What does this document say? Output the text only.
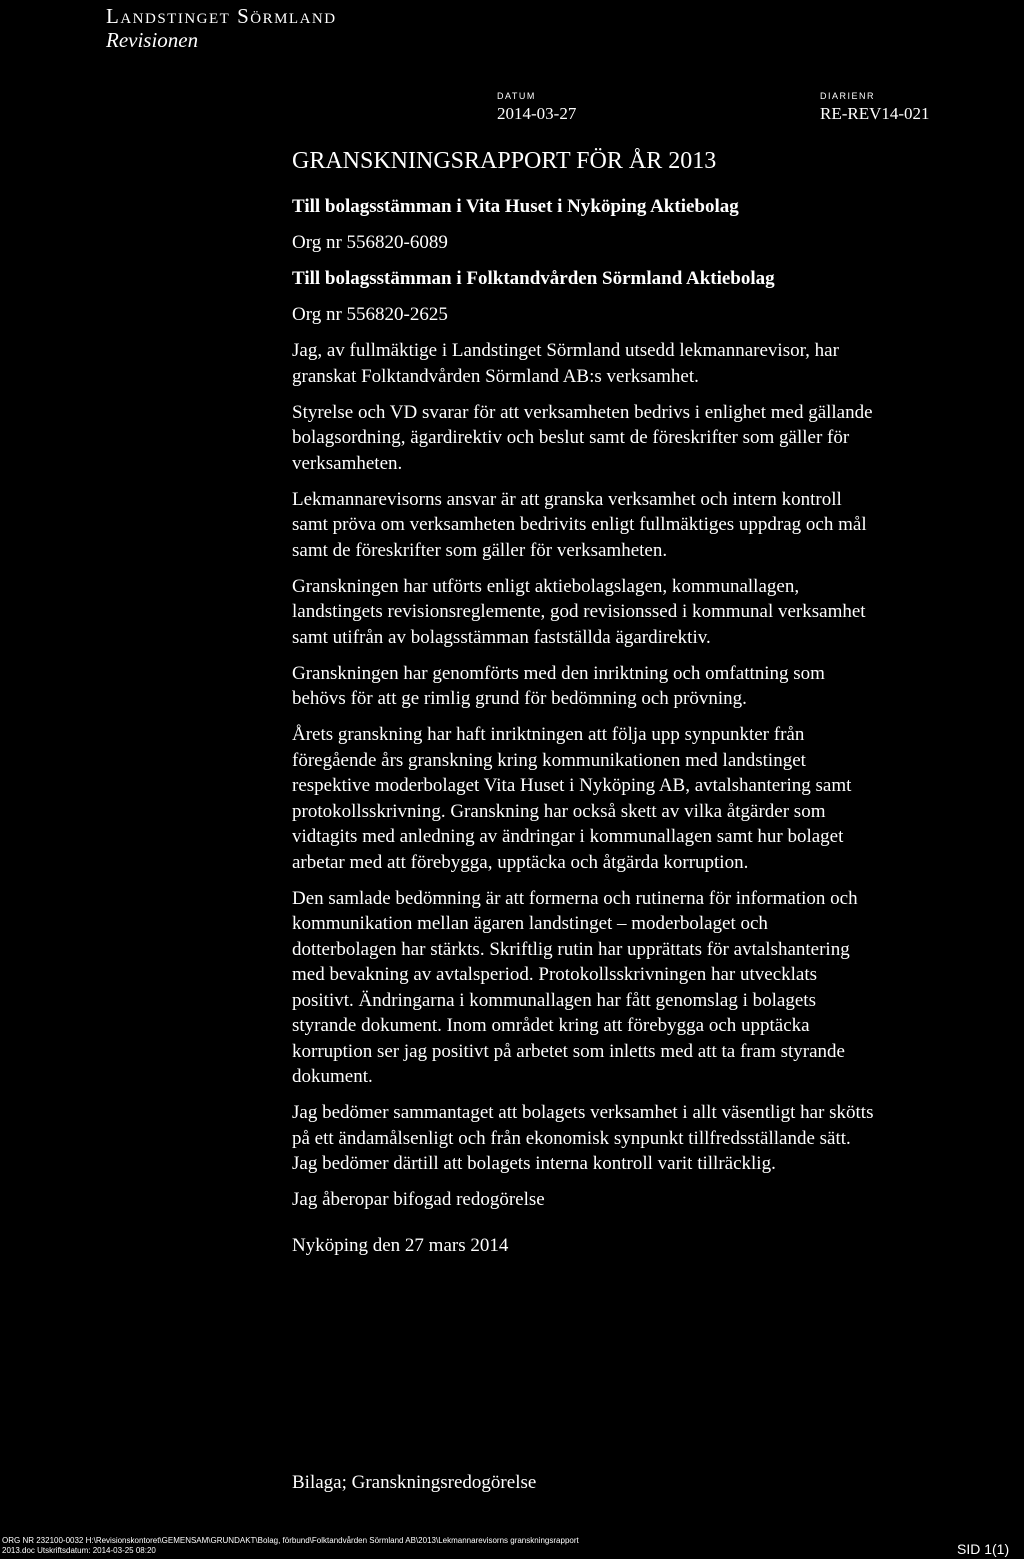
Landstinget Sörmland
Revisionen
DATUM
2014-03-27
DIARIENR
RE-REV14-021
GRANSKNINGSRAPPORT FÖR ÅR 2013

Till bolagsstämman i Vita Huset i Nyköping Aktiebolag

Org nr 556820-6089

Till bolagsstämman i Folktandvården Sörmland Aktiebolag

Org nr 556820-2625

Jag, av fullmäktige i Landstinget Sörmland utsedd lekmannarevisor, har
granskat Folktandvården Sörmland AB:s verksamhet.

Styrelse och VD svarar för att verksamheten bedrivs i enlighet med gällande
bolagsordning, ägardirektiv och beslut samt de föreskrifter som gäller för
verksamheten.

Lekmannarevisorns ansvar är att granska verksamhet och intern kontroll
samt pröva om verksamheten bedrivits enligt fullmäktiges uppdrag och mål
samt de föreskrifter som gäller för verksamheten.

Granskningen har utförts enligt aktiebolagslagen, kommunallagen,
landstingets revisionsreglemente, god revisionssed i kommunal verksamhet
samt utifrån av bolagsstämman fastställda ägardirektiv.

Granskningen har genomförts med den inriktning och omfattning som
behövs för att ge rimlig grund för bedömning och prövning.

Årets granskning har haft inriktningen att följa upp synpunkter från
föregående års granskning kring kommunikationen med landstinget
respektive moderbolaget Vita Huset i Nyköping AB, avtalshantering samt
protokollsskrivning. Granskning har också skett av vilka åtgärder som
vidtagits med anledning av ändringar i kommunallagen samt hur bolaget
arbetar med att förebygga, upptäcka och åtgärda korruption.

Den samlade bedömning är att formerna och rutinerna för information och
kommunikation mellan ägaren landstinget – moderbolaget och
dotterbolagen har stärkts. Skriftlig rutin har upprättats för avtalshantering
med bevakning av avtalsperiod. Protokollsskrivningen har utvecklats
positivt. Ändringarna i kommunallagen har fått genomslag i bolagets
styrande dokument. Inom området kring att förebygga och upptäcka
korruption ser jag positivt på arbetet som inletts med att ta fram styrande
dokument.

Jag bedömer sammantaget att bolagets verksamhet i allt väsentligt har skötts
på ett ändamålsenligt och från ekonomisk synpunkt tillfredsställande sätt.
Jag bedömer därtill att bolagets interna kontroll varit tillräcklig.

Jag åberopar bifogad redogörelse

Nyköping den 27 mars 2014

Bilaga; Granskningsredogörelse
ORG NR 232100-0032 H:\Revisionskontoret\GEMENSAM\GRUNDAKT\Bolag, förbund\Folktandvården Sörmland AB\2013\Lekmannarevisorns granskningsrapport
2013.doc Utskriftsdatum: 2014-03-25 08:20	SID 1(1)
